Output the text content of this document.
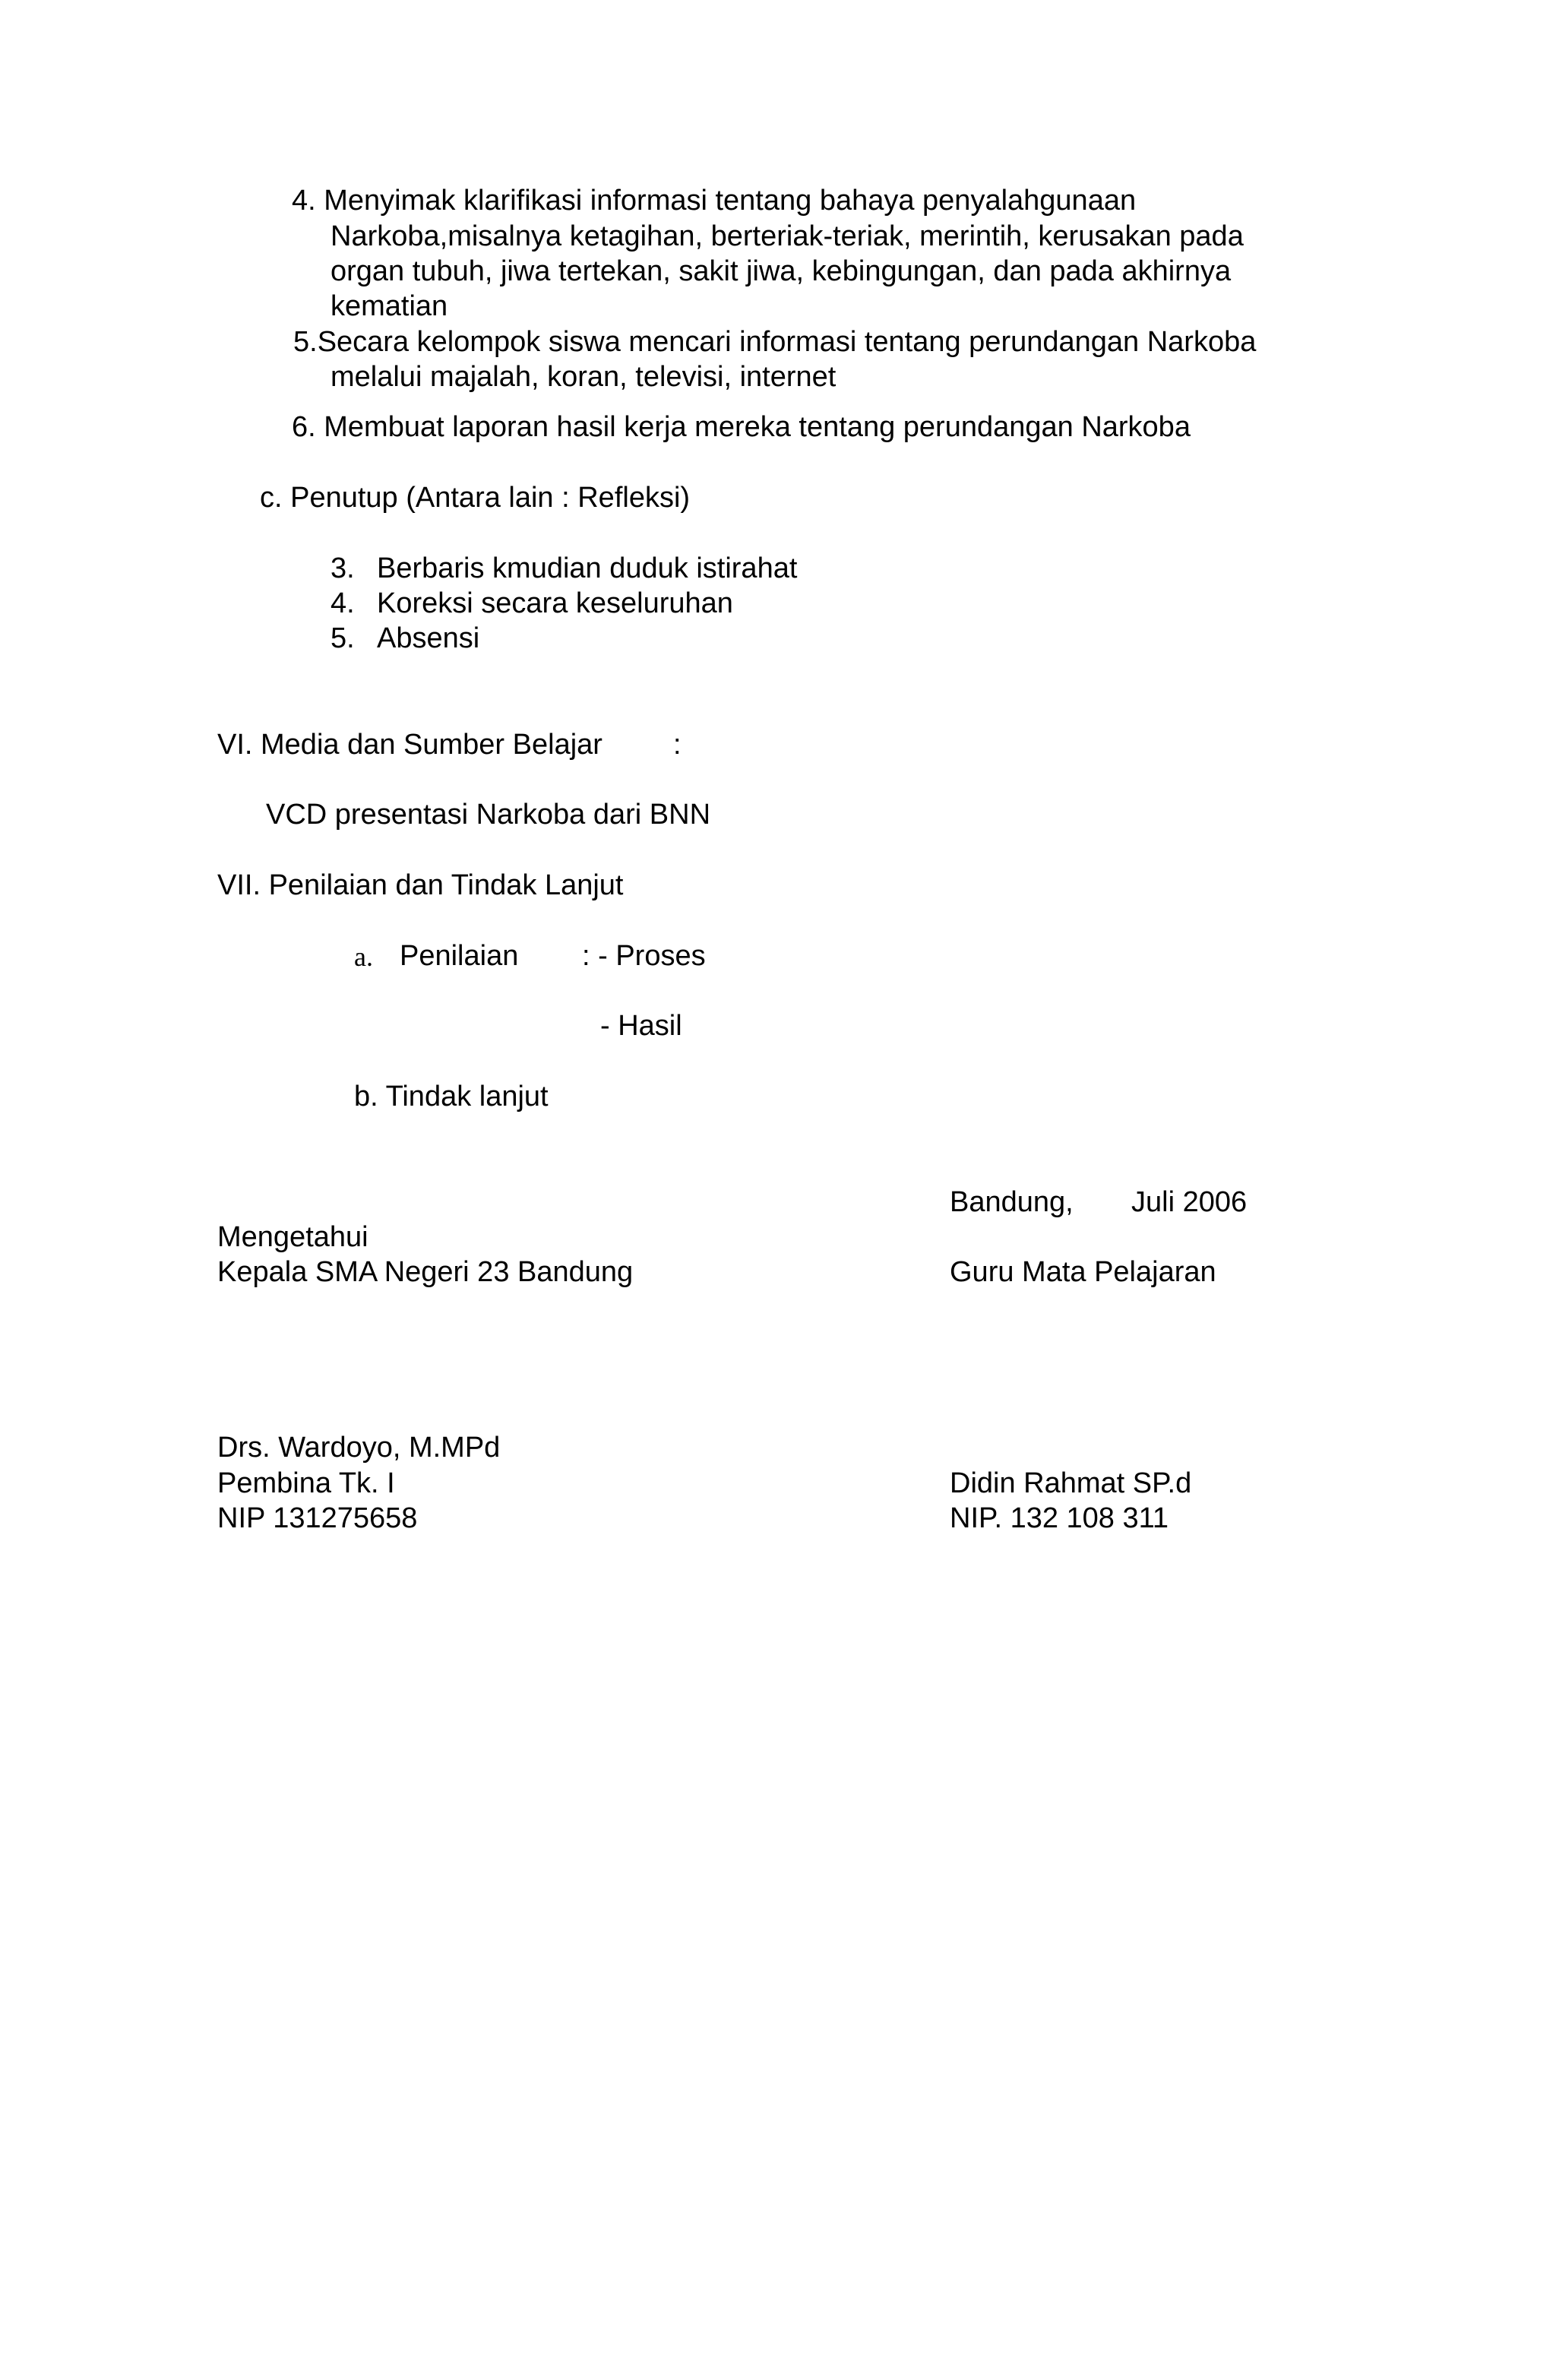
4. Menyimak klarifikasi informasi tentang bahaya penyalahgunaan
Narkoba,misalnya ketagihan, berteriak-teriak, merintih, kerusakan pada
organ tubuh, jiwa tertekan, sakit jiwa, kebingungan, dan pada akhirnya
kematian
5.Secara kelompok siswa mencari informasi tentang perundangan Narkoba
melalui majalah, koran, televisi, internet
6. Membuat laporan hasil kerja mereka tentang perundangan Narkoba
c. Penutup (Antara lain : Refleksi)
3. Berbaris kmudian duduk istirahat
4. Koreksi secara keseluruhan
5. Absensi
VI. Media dan Sumber Belajar :
VCD presentasi Narkoba dari BNN
VII. Penilaian dan Tindak Lanjut
a. Penilaian : - Proses
- Hasil
b. Tindak lanjut
Bandung, Juli 2006
Mengetahui
Kepala SMA Negeri 23 Bandung	Guru Mata Pelajaran
Drs. Wardoyo, M.MPd
Pembina Tk. I	Didin Rahmat SP.d
NIP 131275658	NIP. 132 108 311
